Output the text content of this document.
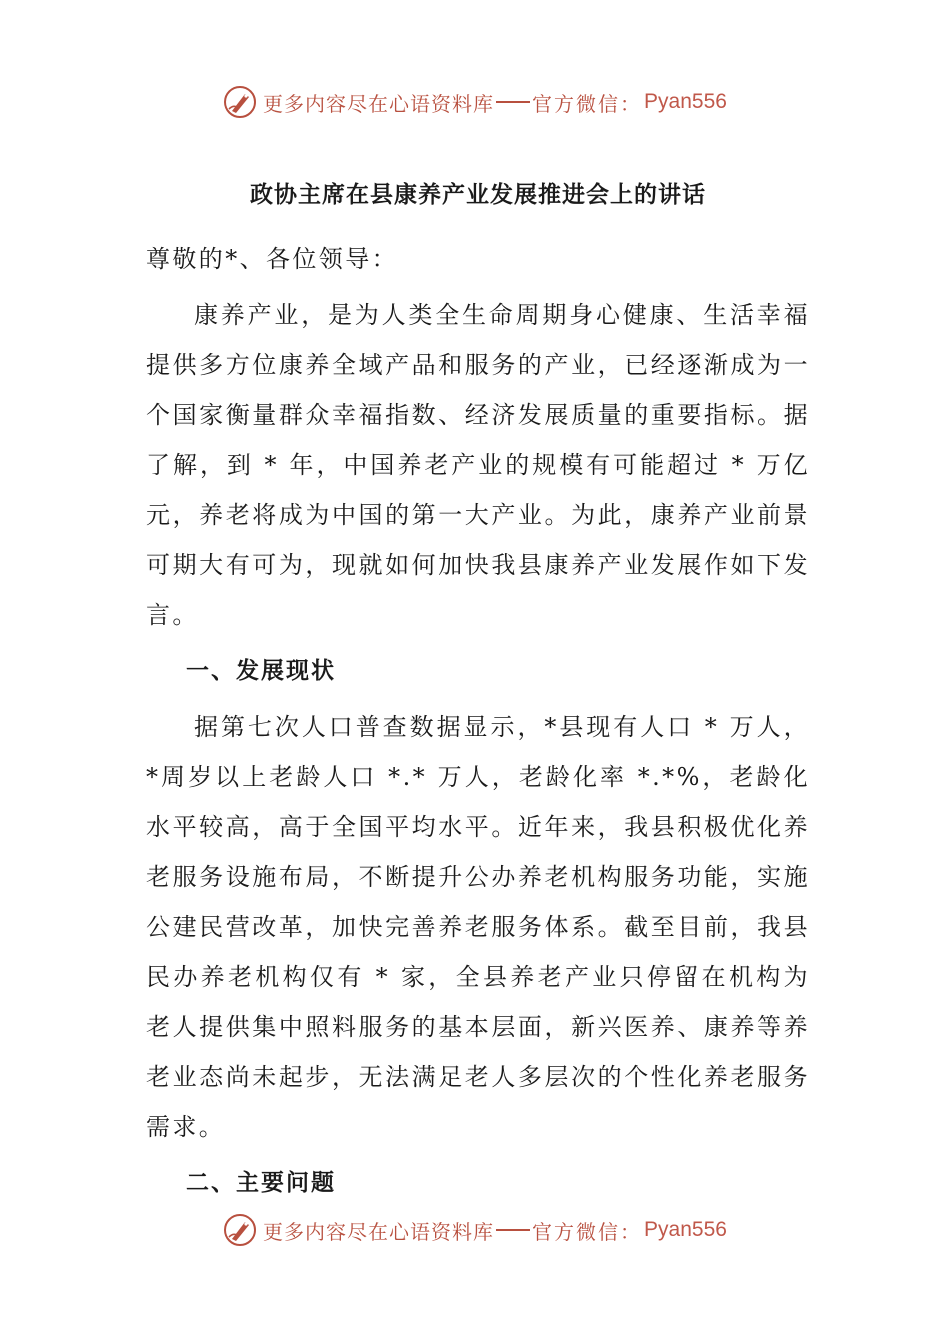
更多内容尽在心语资料库 官方微信： Pyan556
政协主席在县康养产业发展推进会上的讲话

尊敬的*、各位领导：

康养产业，是为人类全生命周期身心健康、生活幸福提供多方位康养全域产品和服务的产业，已经逐渐成为一个国家衡量群众幸福指数、经济发展质量的重要指标。据了解，到 * 年，中国养老产业的规模有可能超过 * 万亿元，养老将成为中国的第一大产业。为此，康养产业前景可期大有可为，现就如何加快我县康养产业发展作如下发言。

一、发展现状

据第七次人口普查数据显示，*县现有人口 * 万人，*周岁以上老龄人口 *.* 万人，老龄化率 *.*%，老龄化水平较高，高于全国平均水平。近年来，我县积极优化养老服务设施布局，不断提升公办养老机构服务功能，实施公建民营改革，加快完善养老服务体系。截至目前，我县民办养老机构仅有 * 家，全县养老产业只停留在机构为老人提供集中照料服务的基本层面，新兴医养、康养等养老业态尚未起步，无法满足老人多层次的个性化养老服务需求。

二、主要问题

更多内容尽在心语资料库 官方微信： Pyan556
